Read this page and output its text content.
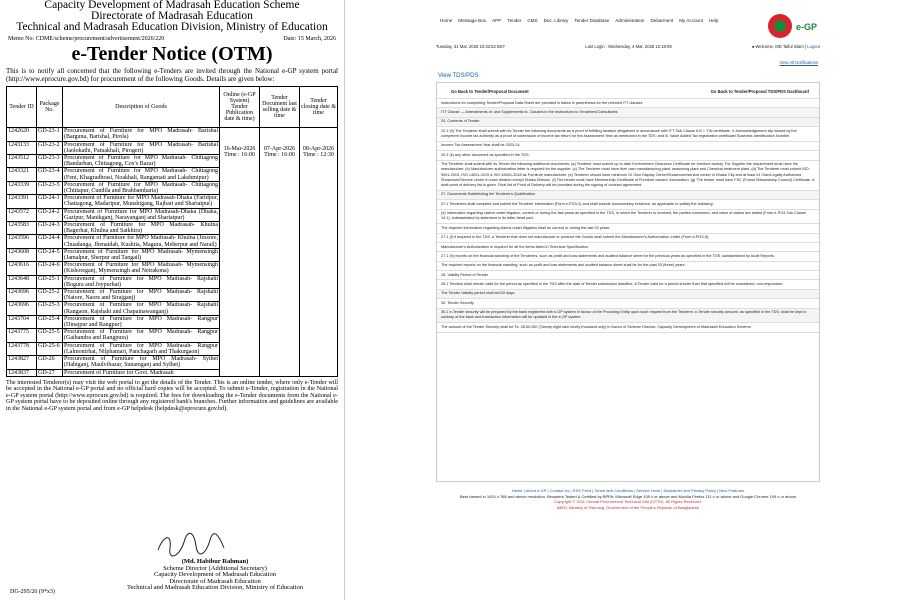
Capacity Development of Madrasah Education Scheme
Directorate of Madrasah Education
Technical and Madrasah Education Division, Ministry of Education
Memo No: CDME/scheme/procurement/advertisement/2026/220	Date: 15 March, 2026
e-Tender Notice (OTM)

This is to notify all concerned that the following e-Tenders are invited through the National e-GP system portal (http://www.eprocure.gov.bd) for procurement of the following Goods. Details are given below:

Tender ID	Package No.	Description of Goods	Online (e-GP System) Tender Publication date & time)	Tender Document last selling date & time	Tender closing date & time
1242620	GD-23-1	Procurement of Furniture for MPO Madrasah- Barishal (Barguna, Barishal, Pirola)	16-Mar-2026 Time : 16:00	07-Apr-2026 Time : 16:00	08-Apr-2026 Time : 12:30
1243133	GD-23-2	Procurement of Furniture for MPO Madrasah- Barishal (Jaolokathi, Patuakhali, Pirogeri)			
1243512	GD-23-3	Procurement of Furniture for MPO Madrasah- Chittagong (Bandarban, Chittagong, Cox's Bazar)			
1243321	GD-23-4	Procurement of Furniture for MPO Madrasah- Chittagong (Feni, Khagradhrasi, Noakhali, Rangamati and Lakshmipur)			
1243339	GD-23-5	Procurement of Furniture for MPO Madrasah- Chittagong (Chittapur, Cundila and Brahbamharia)			
1243391	GD-24-1	Procurement of Furniture for MPO Madrasah-Dhaka (Faridpur, Chattagong, Madaripur, Munshigang, Rajbari and Shariatpur)			
1243572	GD-24-2	Procurement of Furniture for MPO Madrasah-Dhaka (Dhaka, Gazipur, Manikganj, Narayanganj and Shariatpur)			
1243583	GD-24-3	Procurement of Furniture for MPO Madrasah- Khulna (Bagerhat, Khulna and Satkhira)			
1243596	GD-24-4	Procurement of Furniture for MPO Madrasah- Khulna (Jessore, Chuadanga, Jhenaidah, Kushtia, Magura, Meherpur and Narail)			
1243608	GD-24-5	Procurement of Furniture for MPO Madrasah- Mymensingh (Jamalpur, Sherpur and Tangail)			
1243616	GD-24-6	Procurement of Furniture for MPO Madrasah- Mymensingh (Kishoreganj, Mymensingh and Netrakona)			
1243648	GD-25-1	Procurement of Furniture for MPO Madrasah- Rajshahi (Bogura and Joypurhat)			
1243696	GD-25-2	Procurement of Furniture for MPO Madrasah- Rajshahi (Natore, Naore and Sirajganj)			
1243696	GD-25-3	Procurement of Furniture for MPO Madrasah- Rajshahi (Rangaon, Rajshahi and Chapainawanganj)			
1243704	GD-25-4	Procurement of Furniture for MPO Madrasah- Rangpur (Dinajpur and Rangpur)			
1243775	GD-25-5	Procurement of Furniture for MPO Madrasah- Rangpur (Gaibandra and Rangpura)			
1243778	GD-25-6	Procurement of Furniture for MPO Madrasah- Rangpur (Lalmonirhat, Nilphamari, Panchagarh and Thakurgaon)			
1243827	GD-26	Procurement of Furniture for MPO Madrasah- Sylhet (Habiganj, Maulvibazar, Sunamganj and Sylhet)			
1243837	GD-27	Procurement of Furniture for Govt. Madrasah			

The interested Tenderer(s) may visit the web portal to get the details of the Tender. This is an online tender, where only e-Tender will be accepted in the National e-GP portal and no official hard copies will be accepted. To submit e-Tender, registration in the National e-GP system portal (http://www.eprocure.gov.bd) is required. The fees for downloading the e-Tender documents from the National e-GP system portal have to be deposited online through any registered bank's branches. Further information and guidelines are available in the National e-GP system portal and from e-GP helpdesk (helpdesk@eprocure.gov.bd).

(Md. Habibur Rahman)
Scheme Director (Additional Secretary)
Capacity Development of Madrasah Education
Directorate of Madrasah Education
Technical and Madrasah Education Division, Ministry of Education
DG-295/26 (9*x3)
Home Message Box APP Tender CMS Doc. Library Tender Database Administration Debarment My Account Help
e-GP
Tuesday, 31 Mar, 2026 10:33:52 BST	Last Login : Wednesday, 4 Mar, 2026 12:18:09	● Welcome, MD Taiful Islam | Logout
View All Notifications
View TDS/PDS
Go Back to Tender/Proposal Document	Go Back to Tender/Proposal TDS/PDS Dashboard
Instructions for completing Tender/Proposal Data Sheet are provided in italics in parenthesis for the relevant ITT clauses
ITT Clause — Amendments of, and Supplements to, Clauses in the Instructions to Tenderers/Consultants
20. Contents of Tender
20.1 (h) The Tenderer shall submit with its Tender the following documents as a proof of fulfilling taxation obligations in accordance with ITT Sub Clause 6.5; i. TIN certificate, ii. Acknowledgement slip issued by the competent Income tax authority as a proof of submission of income tax return for the Assessment Year as mentioned in the TDS; and iii. Value Added Tax registration certificate/ Business Identification Number.
Income Tax Assessment Year shall be 2023-24.
20.1 (k) any other document as specified in the TDS.
The Tenderer shall submit with its Tender the following additional documents: (a) Tenderer must submit up to date Environment Clearance Certificate for furniture factory. For Supplier the requirement must have the manufacturer. (b) Manufacturer authorization letter is required for the supplier. (c) The Tenderer must have their own manufacturing plant, seasoning plant and Chemical treatment plant. (d) The Tenderer must submit ISO: 9001-2015, ISO 14001-2015 & ISO 45001-2018 as Furniture manufacturer. (e) Tenderer should have minimum 10 Own Display Center/Showroom/service center in Dhaka City and at least 01 Own/Legally Authorized Showroom/Service center in each division except Dhaka Division. (f) The tender must have Membership Certificate of Furniture owners' Association. (g) The tender must have FSC (Forest Stewardship Council) Certificate. A draft point of delivery list is given. Final list of Point of Delivery will be provided during the signing of contract agreement.
27. Documents Establishing the Tenderer's Qualification
27.1 Tenderers shall complete and submit the Tenderer Information (Form e-PG3-2) and shall include documentary evidence, as applicable to satisfy the following:
(d) Information regarding claims under litigation, current or during the last years as specified in the TDS, in which the Tenderer is involved, the parties concerned, and value of claims are stated (Form e-PG3 Sub Clause 14.1), substantiated by statement in its letter-head pad.
The required information regarding claims under litigation shall be current or during the last 03 years.
27.1 (f) if required in the TDS, a Tenderer that does not manufacture or produce the Goods shall submit the Manufacturer's Authorization Letter (Form e-PG3-5);
Manufacturer's Authorization is required for all the items listed in Technical Specification.
27.1 (h) reports on the financial standing of the Tenderers, such as profit and loss statements and audited balance sheet for the previous years as specified in the TDS, substantiated by Audit Reports.
The required reports on the financial standing, such as profit and loss statements and audited balance sheet shall be for the past 03 (three) years.
28. Validity Period of Tender
28.1 Tenders shall remain valid for the period as specified in the TDS after the date of Tender submission deadline. A Tender valid for a period shorter than that specified will be considered, non-responsive.
The Tender Validity period shall be120 days.
30. Tender Security
30.1 e-Tender security will be prepared by the bank registered with e-GP system in favour of the Procuring Entity upon such request from the Tenderer. e-Tender security amount, as specified in the TDS, shall be kept in custody of the bank and transaction information will be updated in the e-GP system.
The amount of the Tender Security shall be Tk. 28,50,000 (Twenty eight lakh ninety thousand only) in favour of Scheme Director, Capacity Development of Madrasah Education Scheme.
Home | About e-GP | Contact Us | RSS Feed | Terms and Conditions | Service Level | Disclaimer and Privacy Policy | New Features
Best viewed in 1024 x 768 and above resolution. Browsers Tested & Certified by BPPA: Microsoft Edge 109 x or above and Mozilla Firefox 111.x or above and Google Chrome 109.x or above
Copyright © 2011 Central Procurement Technical Unit (CPTU). All Rights Reserved.
IMED, Ministry of Planning, Government of the People's Republic of Bangladesh
